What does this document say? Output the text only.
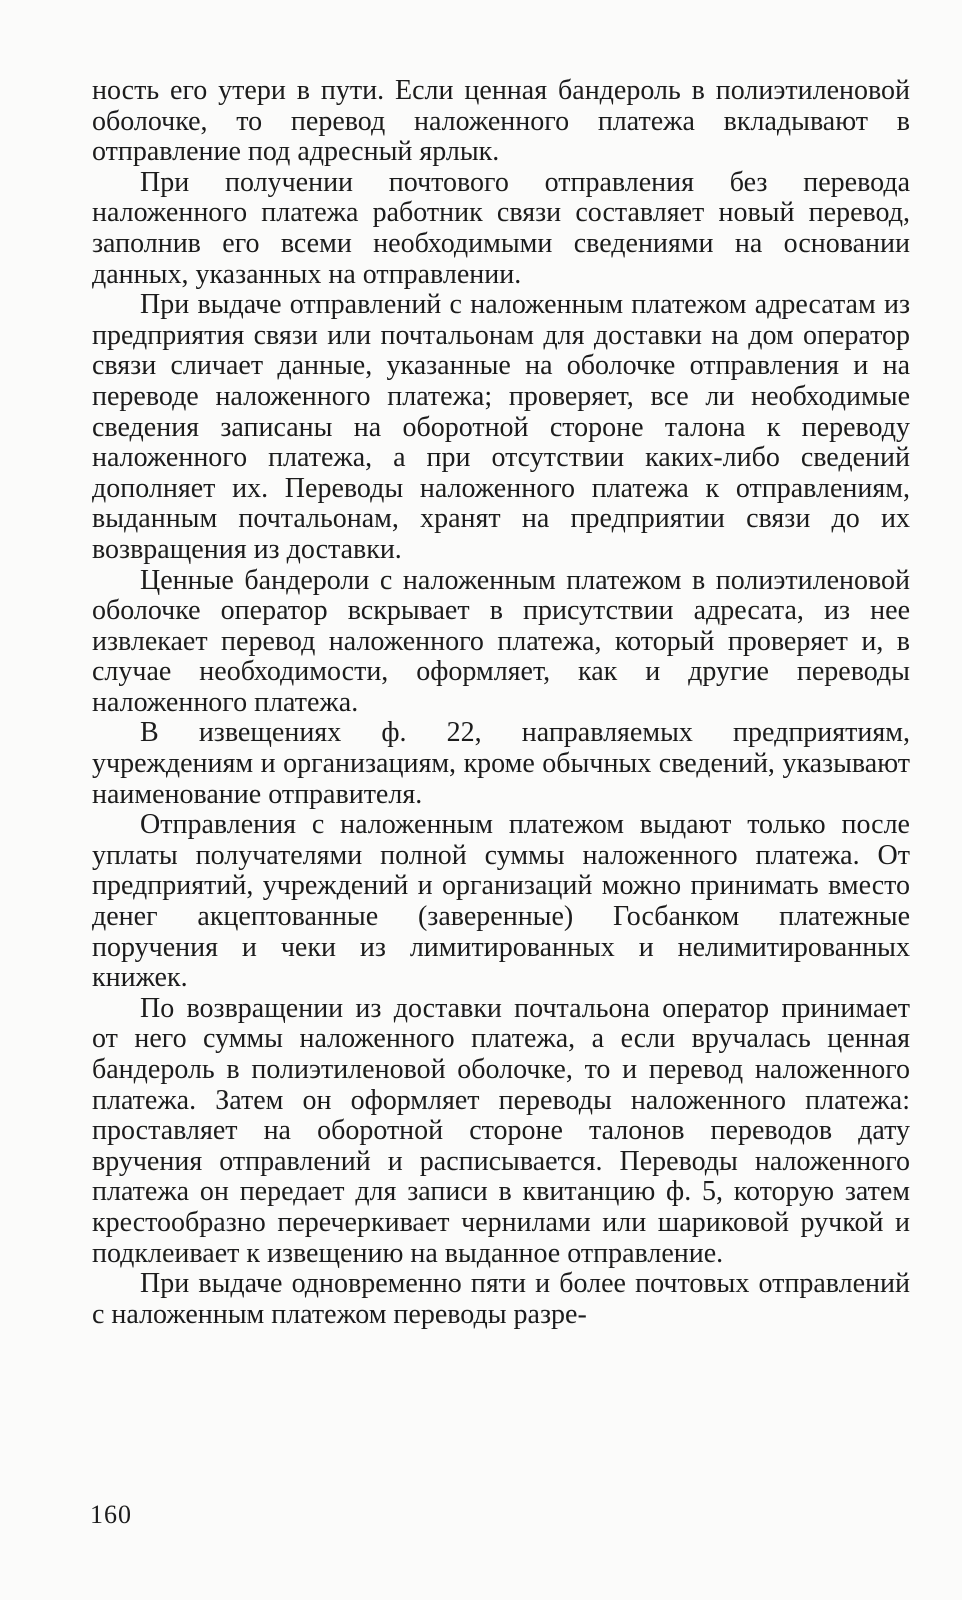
ность его утери в пути. Если ценная бандероль в полиэтиленовой оболочке, то перевод наложенного платежа вкладывают в отправление под адресный ярлык.

При получении почтового отправления без перевода наложенного платежа работник связи составляет новый перевод, заполнив его всеми необходимыми сведениями на основании данных, указанных на отправлении.

При выдаче отправлений с наложенным платежом адресатам из предприятия связи или почтальонам для доставки на дом оператор связи сличает данные, указанные на оболочке отправления и на переводе наложенного платежа; проверяет, все ли необходимые сведения записаны на оборотной стороне талона к переводу наложенного платежа, а при отсутствии каких-либо сведений дополняет их. Переводы наложенного платежа к отправлениям, выданным почтальонам, хранят на предприятии связи до их возвращения из доставки.

Ценные бандероли с наложенным платежом в полиэтиленовой оболочке оператор вскрывает в присутствии адресата, из нее извлекает перевод наложенного платежа, который проверяет и, в случае необходимости, оформляет, как и другие переводы наложенного платежа.

В извещениях ф. 22, направляемых предприятиям, учреждениям и организациям, кроме обычных сведений, указывают наименование отправителя.

Отправления с наложенным платежом выдают только после уплаты получателями полной суммы наложенного платежа. От предприятий, учреждений и организаций можно принимать вместо денег акцептованные (заверенные) Госбанком платежные поручения и чеки из лимитированных и нелимитированных книжек.

По возвращении из доставки почтальона оператор принимает от него суммы наложенного платежа, а если вручалась ценная бандероль в полиэтиленовой оболочке, то и перевод наложенного платежа. Затем он оформляет переводы наложенного платежа: проставляет на оборотной стороне талонов переводов дату вручения отправлений и расписывается. Переводы наложенного платежа он передает для записи в квитанцию ф. 5, которую затем крестообразно перечеркивает чернилами или шариковой ручкой и подклеивает к извещению на выданное отправление.

При выдаче одновременно пяти и более почтовых отправлений с наложенным платежом переводы разре-

160
